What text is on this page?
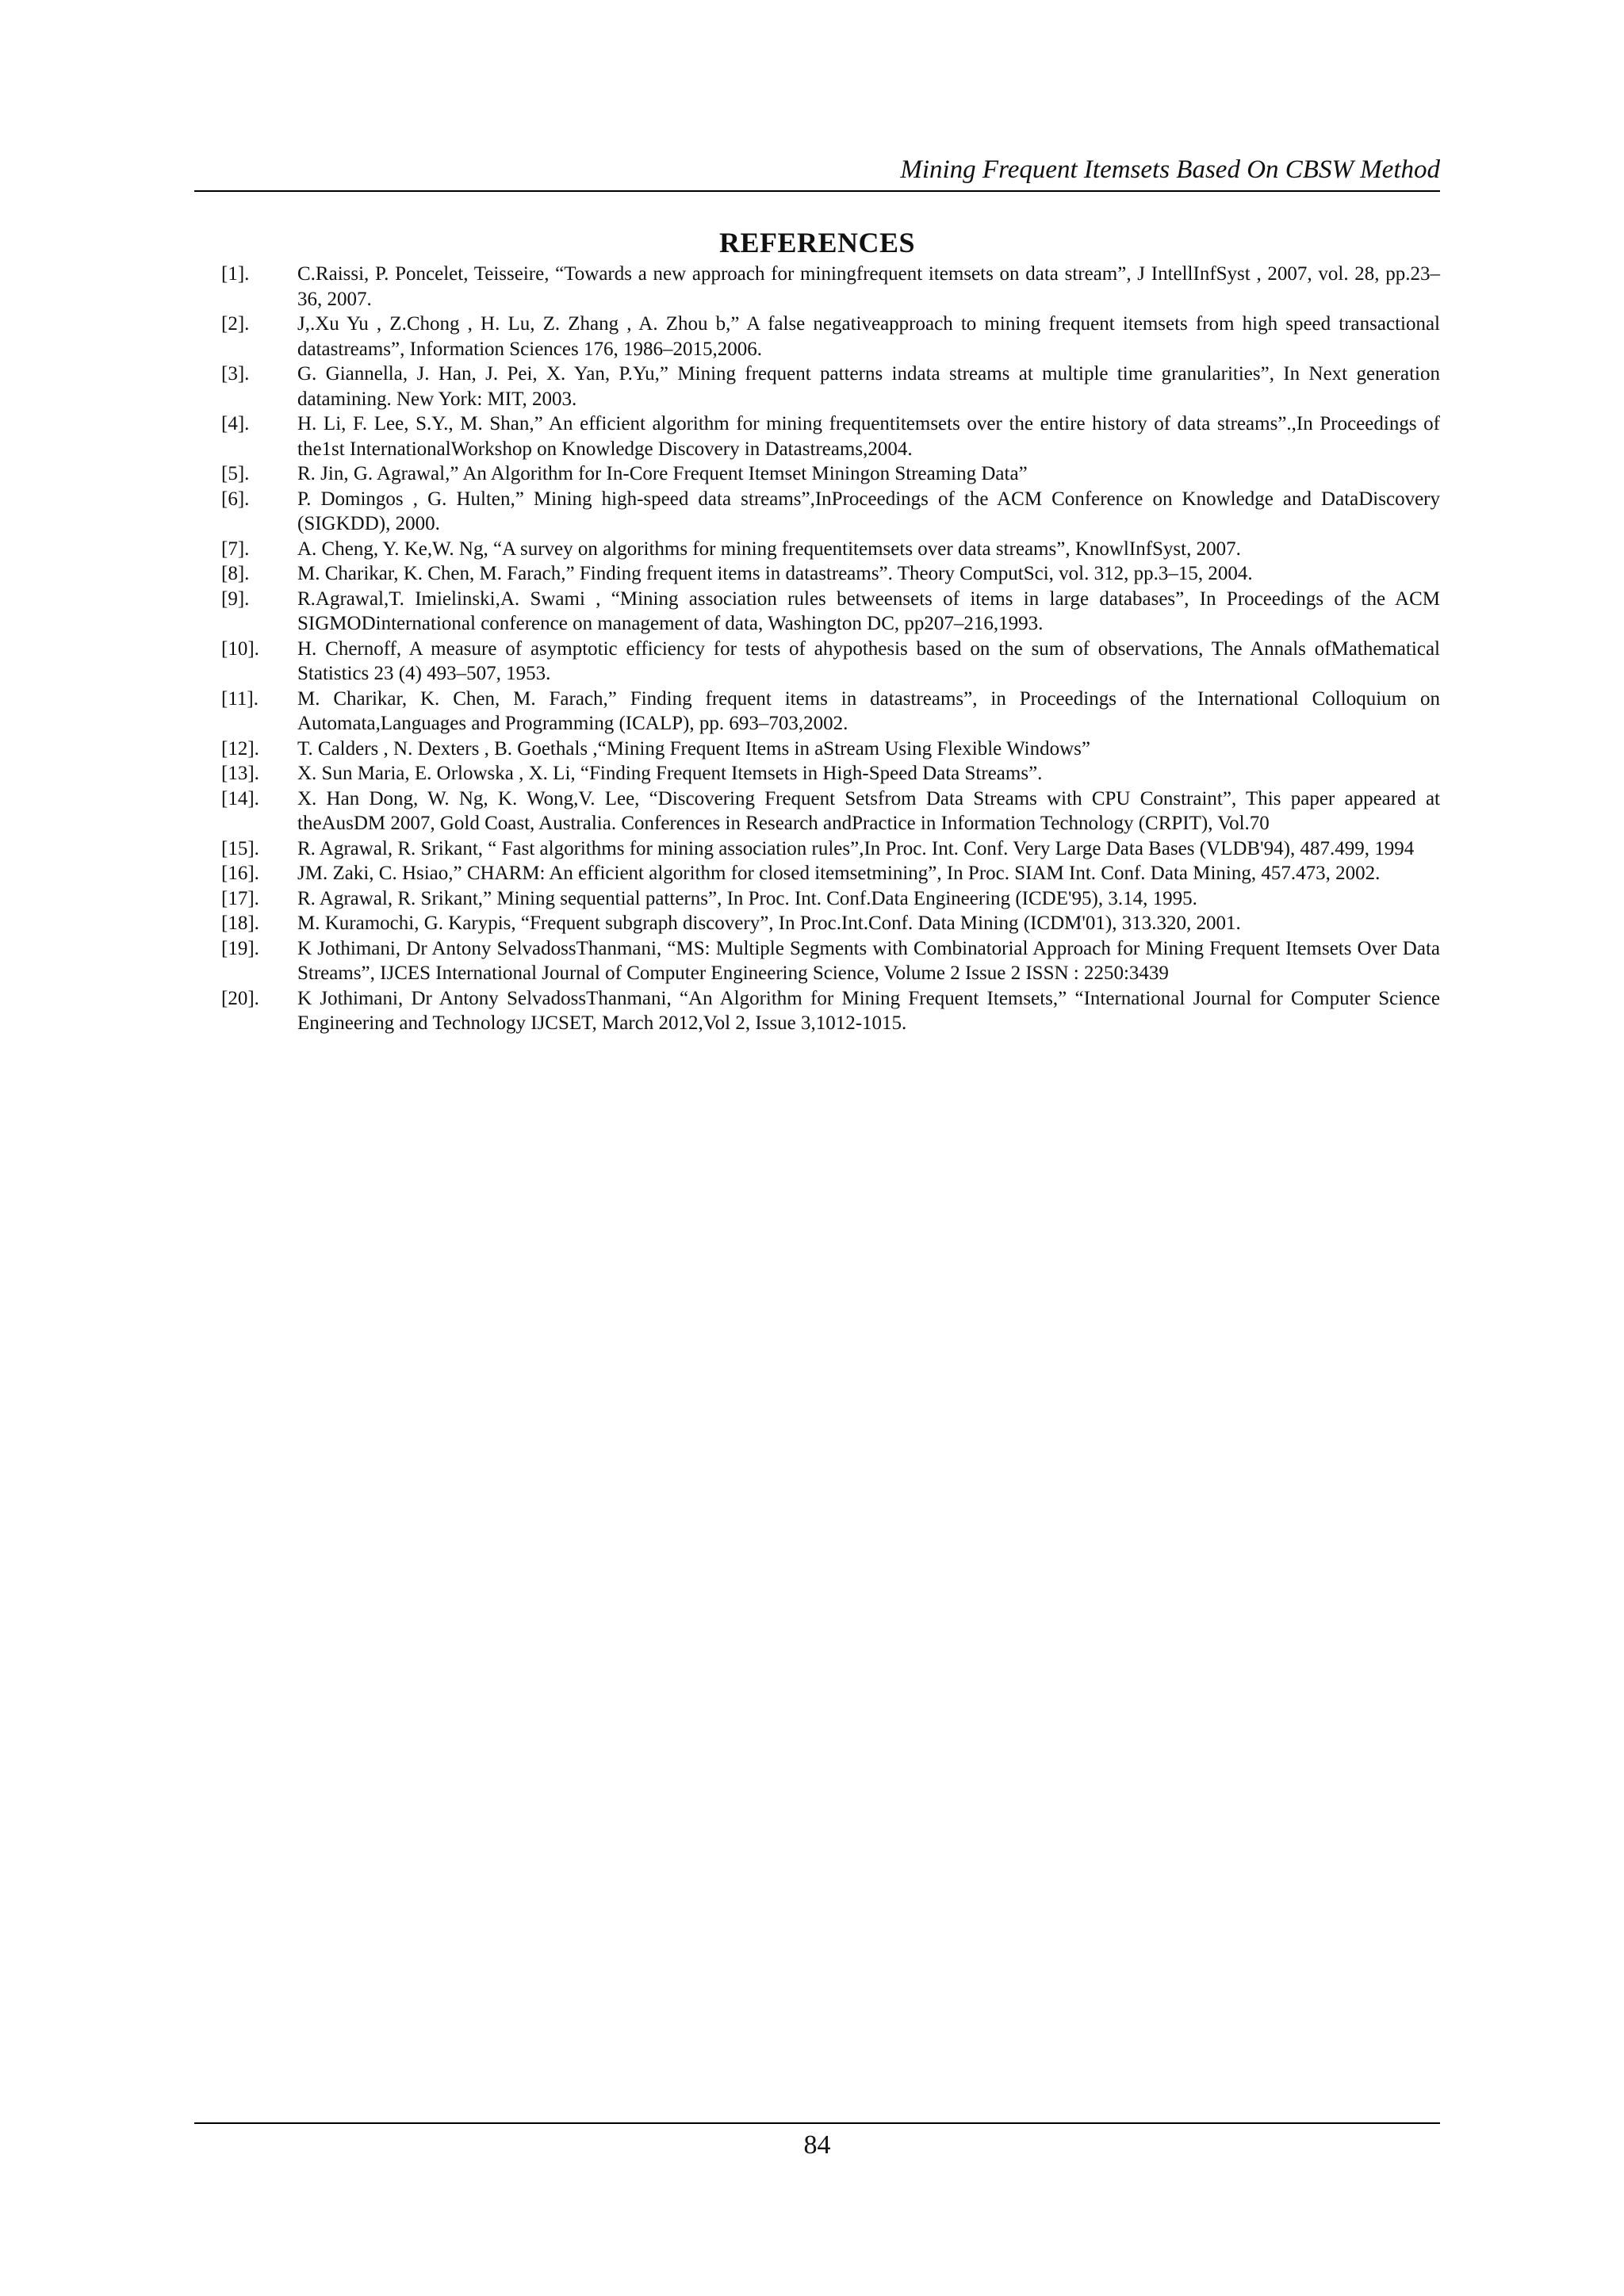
Mining Frequent Itemsets Based On CBSW Method
REFERENCES
[1].	C.Raissi, P. Poncelet, Teisseire, “Towards a new approach for miningfrequent itemsets on data stream”, J IntellInfSyst , 2007, vol. 28, pp.23–36, 2007.
[2].	J,.Xu Yu , Z.Chong , H. Lu, Z. Zhang , A. Zhou b,” A false negativeapproach to mining frequent itemsets from high speed transactional datastreams”, Information Sciences 176, 1986–2015,2006.
[3].	G. Giannella, J. Han, J. Pei, X. Yan, P.Yu,” Mining frequent patterns indata streams at multiple time granularities”, In Next generation datamining. New York: MIT, 2003.
[4].	H. Li, F. Lee, S.Y., M. Shan,” An efficient algorithm for mining frequentitemsets over the entire history of data streams”.,In Proceedings of the1st InternationalWorkshop on Knowledge Discovery in Datastreams,2004.
[5].	R. Jin, G. Agrawal,” An Algorithm for In-Core Frequent Itemset Miningon Streaming Data”
[6].	P. Domingos , G. Hulten,” Mining high-speed data streams”,InProceedings of the ACM Conference on Knowledge and DataDiscovery (SIGKDD), 2000.
[7].	A. Cheng, Y. Ke,W. Ng, “A survey on algorithms for mining frequentitemsets over data streams”, KnowlInfSyst, 2007.
[8].	M. Charikar, K. Chen, M. Farach,” Finding frequent items in datastreams”. Theory ComputSci, vol. 312, pp.3–15, 2004.
[9].	R.Agrawal,T. Imielinski,A. Swami , “Mining association rules betweensets of items in large databases”, In Proceedings of the ACM SIGMODinternational conference on management of data, Washington DC, pp207–216,1993.
[10].	H. Chernoff, A measure of asymptotic efficiency for tests of ahypothesis based on the sum of observations, The Annals ofMathematical Statistics 23 (4) 493–507, 1953.
[11].	M. Charikar, K. Chen, M. Farach,” Finding frequent items in datastreams”, in Proceedings of the International Colloquium on Automata,Languages and Programming (ICALP), pp. 693–703,2002.
[12].	T. Calders , N. Dexters , B. Goethals ,“Mining Frequent Items in aStream Using Flexible Windows”
[13].	X. Sun Maria, E. Orlowska , X. Li, “Finding Frequent Itemsets in High-Speed Data Streams”.
[14].	X. Han Dong, W. Ng, K. Wong,V. Lee, “Discovering Frequent Setsfrom Data Streams with CPU Constraint”, This paper appeared at theAusDM 2007, Gold Coast, Australia. Conferences in Research andPractice in Information Technology (CRPIT), Vol.70
[15].	R. Agrawal, R. Srikant, “ Fast algorithms for mining association rules”,In Proc. Int. Conf. Very Large Data Bases (VLDB'94), 487.499, 1994
[16].	JM. Zaki, C. Hsiao,” CHARM: An efficient algorithm for closed itemsetmining”, In Proc. SIAM Int. Conf. Data Mining, 457.473, 2002.
[17].	R. Agrawal, R. Srikant,” Mining sequential patterns”, In Proc. Int. Conf.Data Engineering (ICDE'95), 3.14, 1995.
[18].	M. Kuramochi, G. Karypis, “Frequent subgraph discovery”, In Proc.Int.Conf. Data Mining (ICDM'01), 313.320, 2001.
[19].	K Jothimani, Dr Antony SelvadossThanmani, “MS: Multiple Segments with Combinatorial Approach for Mining Frequent Itemsets Over Data Streams”, IJCES International Journal of Computer Engineering Science, Volume 2 Issue 2 ISSN : 2250:3439
[20].	K Jothimani, Dr Antony SelvadossThanmani, “An Algorithm for Mining Frequent Itemsets,” “International Journal for Computer Science Engineering and Technology IJCSET, March 2012,Vol 2, Issue 3,1012-1015.
84
